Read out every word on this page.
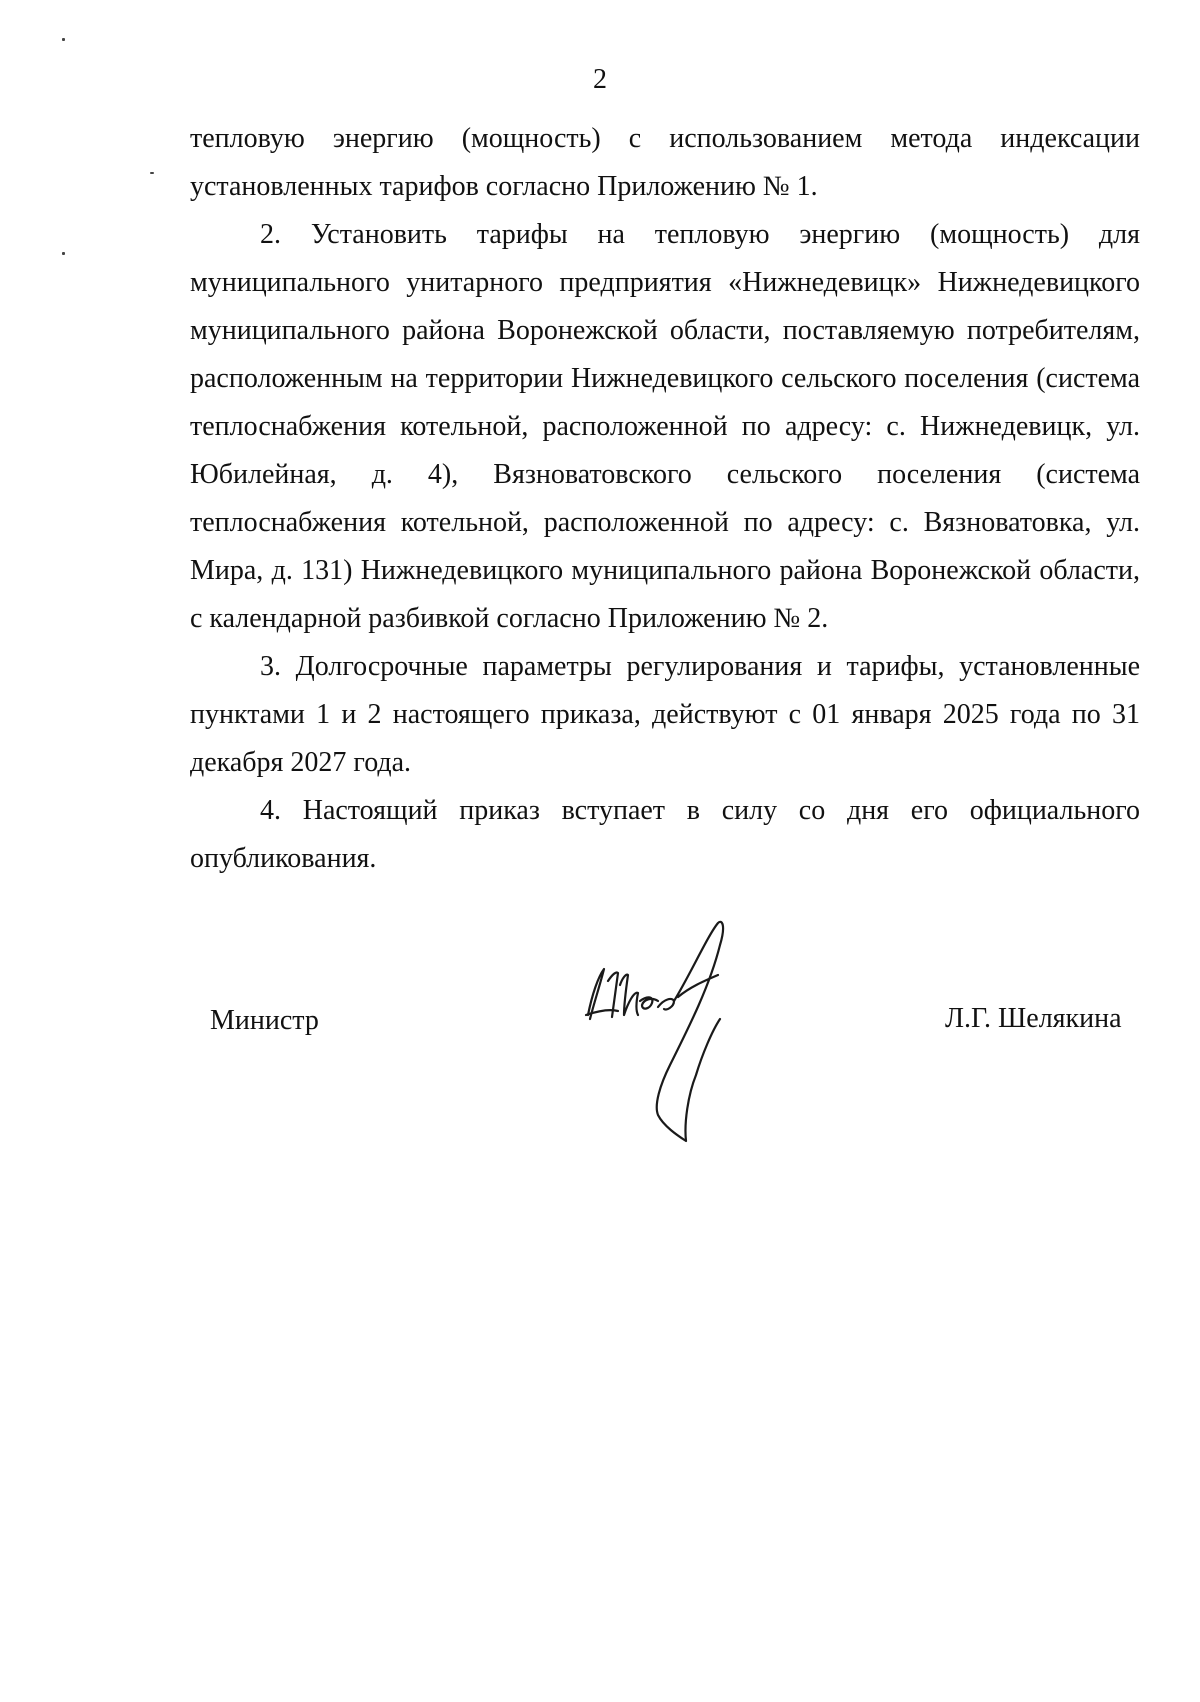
2

тепловую энергию (мощность) с использованием метода индексации установленных тарифов согласно Приложению № 1.

2. Установить тарифы на тепловую энергию (мощность) для муниципального унитарного предприятия «Нижнедевицк» Нижнедевицкого муниципального района Воронежской области, поставляемую потребителям, расположенным на территории Нижнедевицкого сельского поселения (система теплоснабжения котельной, расположенной по адресу: с. Нижнедевицк, ул. Юбилейная, д. 4), Вязноватовского сельского поселения (система теплоснабжения котельной, расположенной по адресу: с. Вязноватовка, ул. Мира, д. 131) Нижнедевицкого муниципального района Воронежской области, с календарной разбивкой согласно Приложению № 2.

3. Долгосрочные параметры регулирования и тарифы, установленные пунктами 1 и 2 настоящего приказа, действуют с 01 января 2025 года по 31 декабря 2027 года.

4. Настоящий приказ вступает в силу со дня его официального опубликования.

Министр	Л.Г. Шелякина
